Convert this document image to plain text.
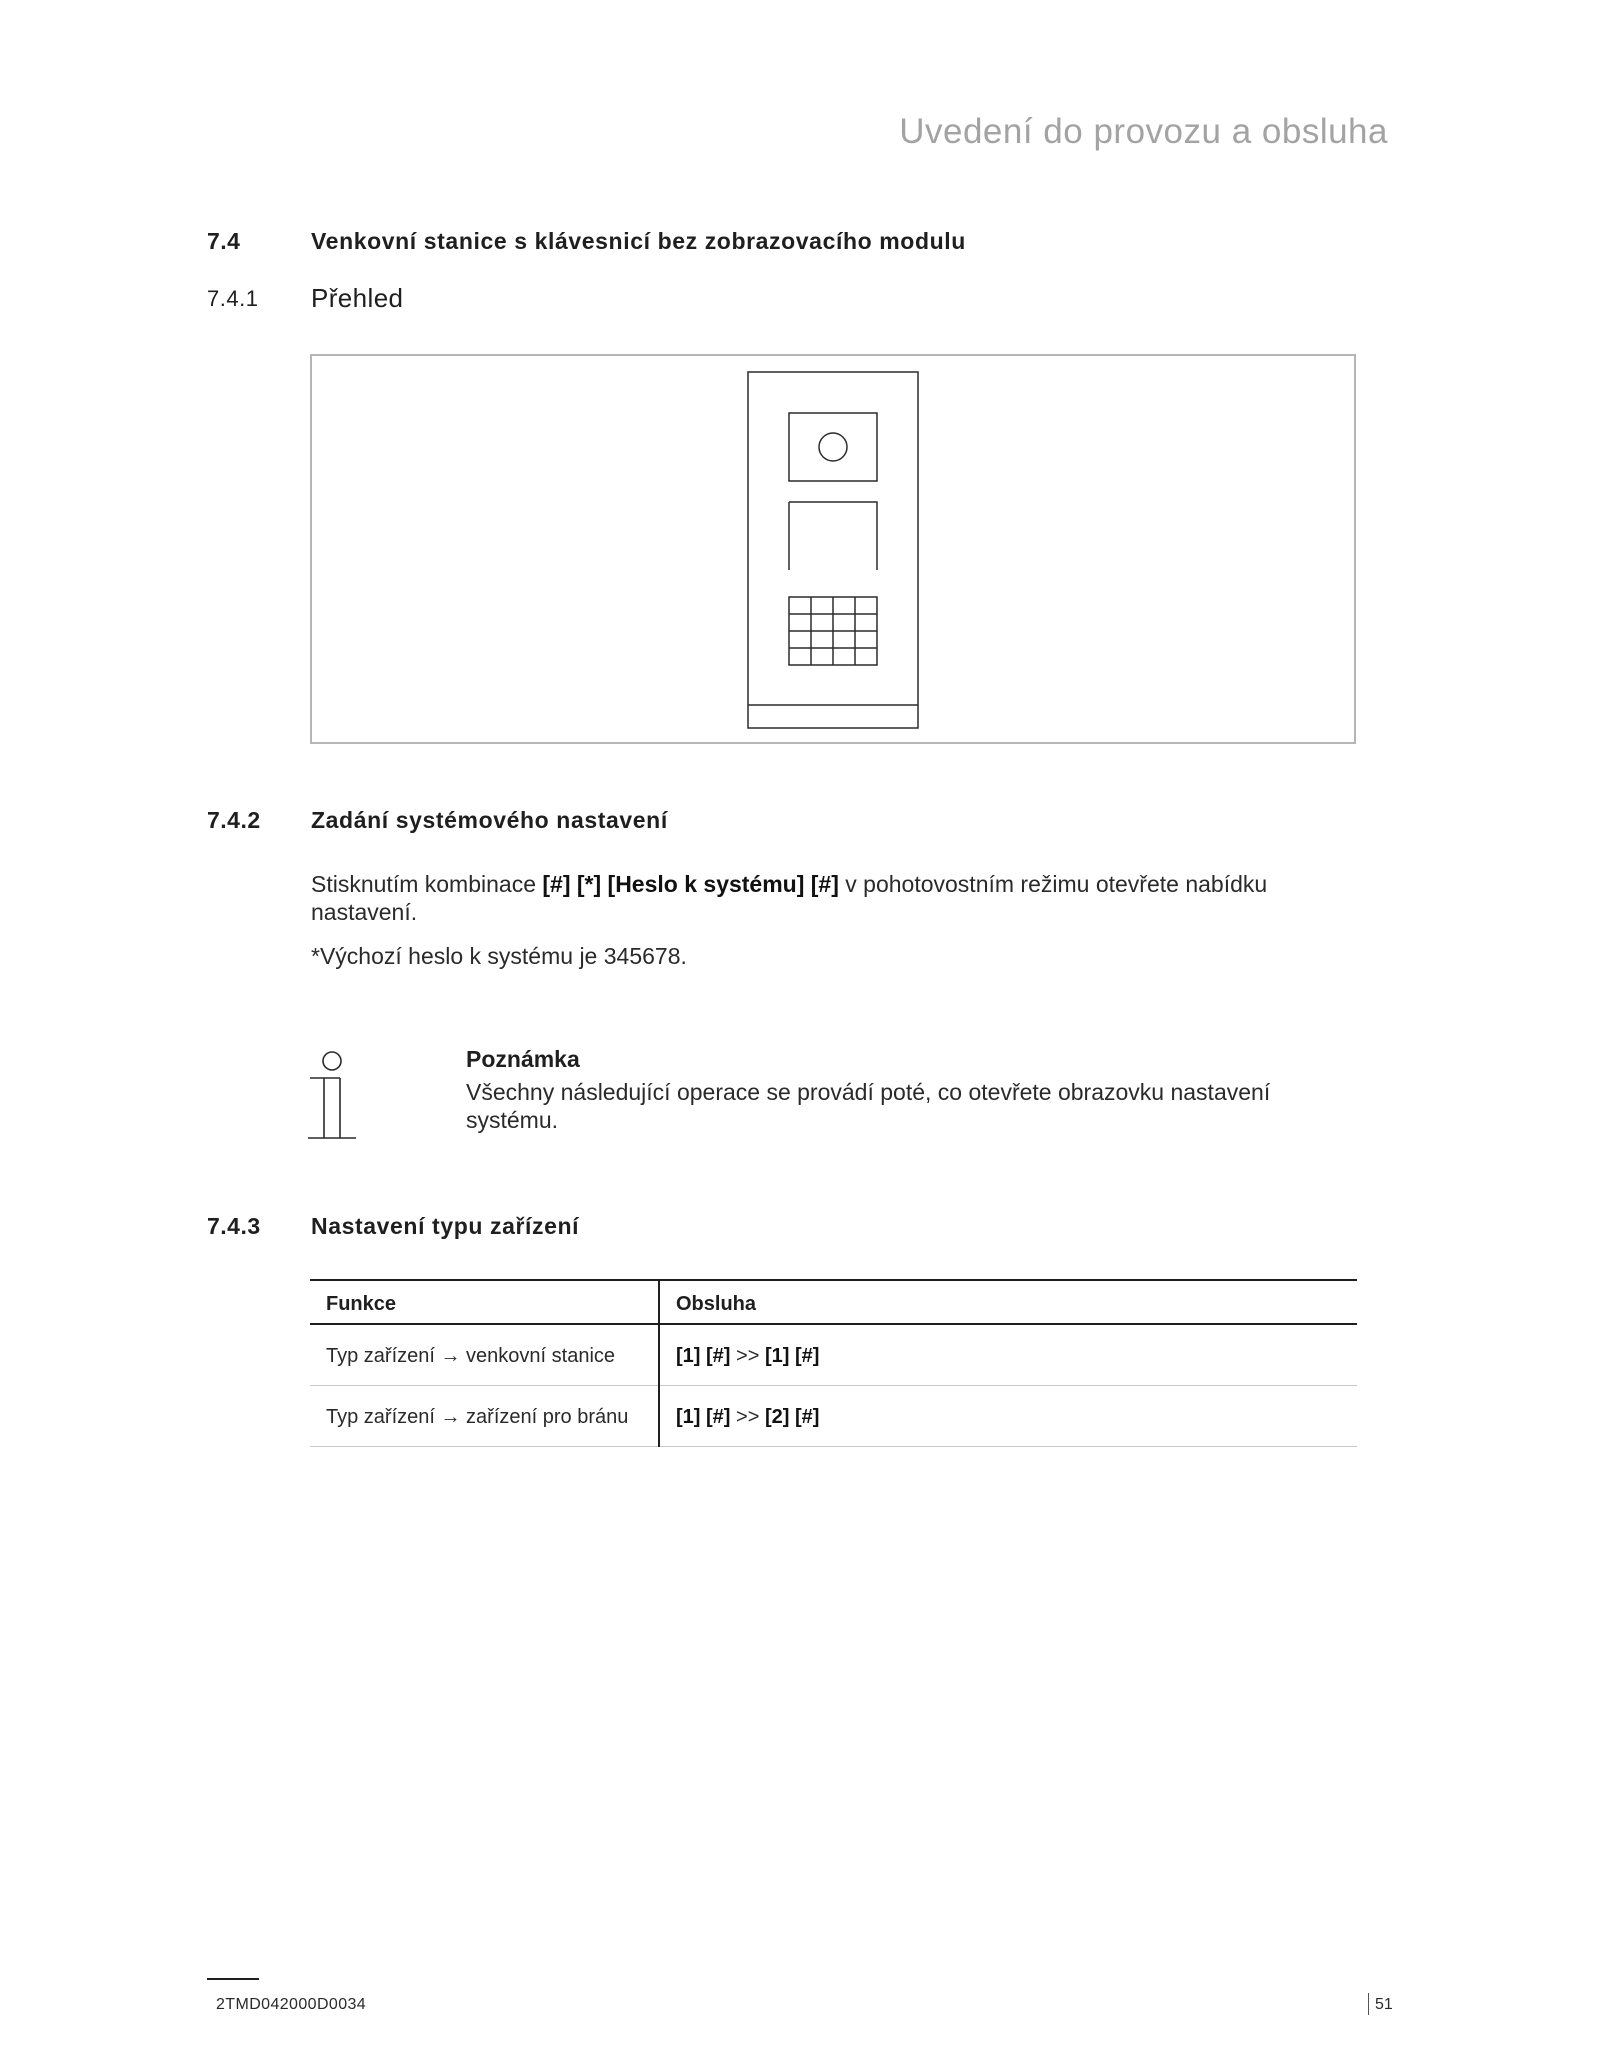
Uvedení do provozu a obsluha
7.4	Venkovní stanice s klávesnicí bez zobrazovacího modulu
7.4.1 Přehled
7.4.2 Zadání systémového nastavení
Stisknutím kombinace [#] [*] [Heslo k systému] [#] v pohotovostním režimu otevřete nabídku nastavení.
*Výchozí heslo k systému je 345678.
Poznámka
Všechny následující operace se provádí poté, co otevřete obrazovku nastavení systému.
7.4.3 Nastavení typu zařízení
Funkce	Obsluha
Typ zařízení → venkovní stanice	[1] [#] >> [1] [#]
Typ zařízení → zařízení pro bránu	[1] [#] >> [2] [#]
2TMD042000D0034	51
